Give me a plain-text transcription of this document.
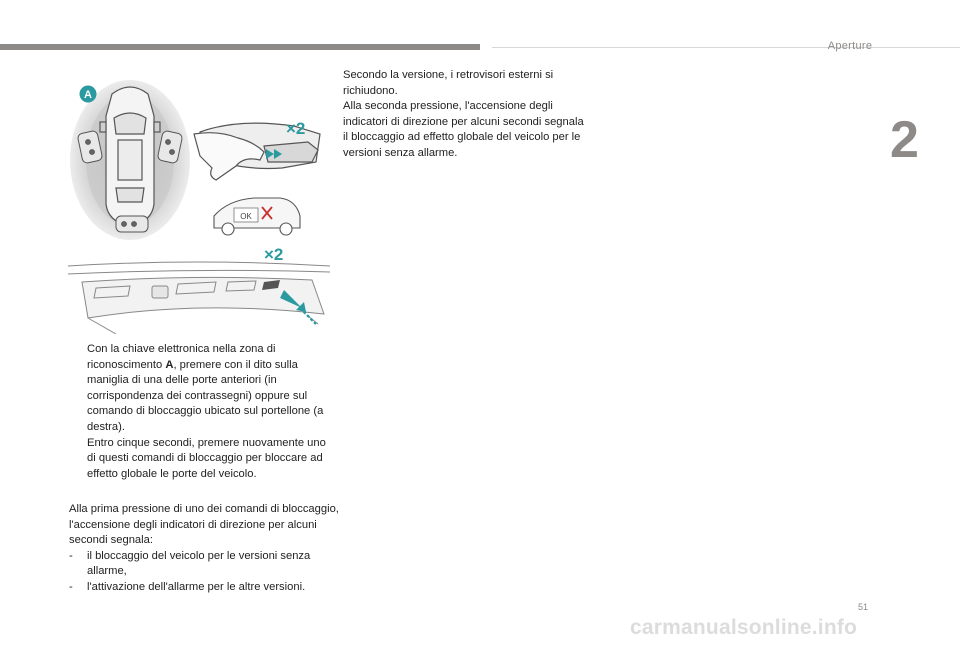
Aperture
2
A
×2
OK
×2

Con la chiave elettronica nella zona di riconoscimento A, premere con il dito sulla maniglia di una delle porte anteriori (in corrispondenza dei contrassegni) oppure sul comando di bloccaggio ubicato sul portellone (a destra).

Entro cinque secondi, premere nuovamente uno di questi comandi di bloccaggio per bloccare ad effetto globale le porte del veicolo.

Alla prima pressione di uno dei comandi di bloccaggio, l'accensione degli indicatori di direzione per alcuni secondi segnala:

- il bloccaggio del veicolo per le versioni senza allarme,

- l'attivazione dell'allarme per le altre versioni.

Secondo la versione, i retrovisori esterni si richiudono.

Alla seconda pressione, l'accensione degli indicatori di direzione per alcuni secondi segnala il bloccaggio ad effetto globale del veicolo per le versioni senza allarme.

51
carmanualsonline.info
